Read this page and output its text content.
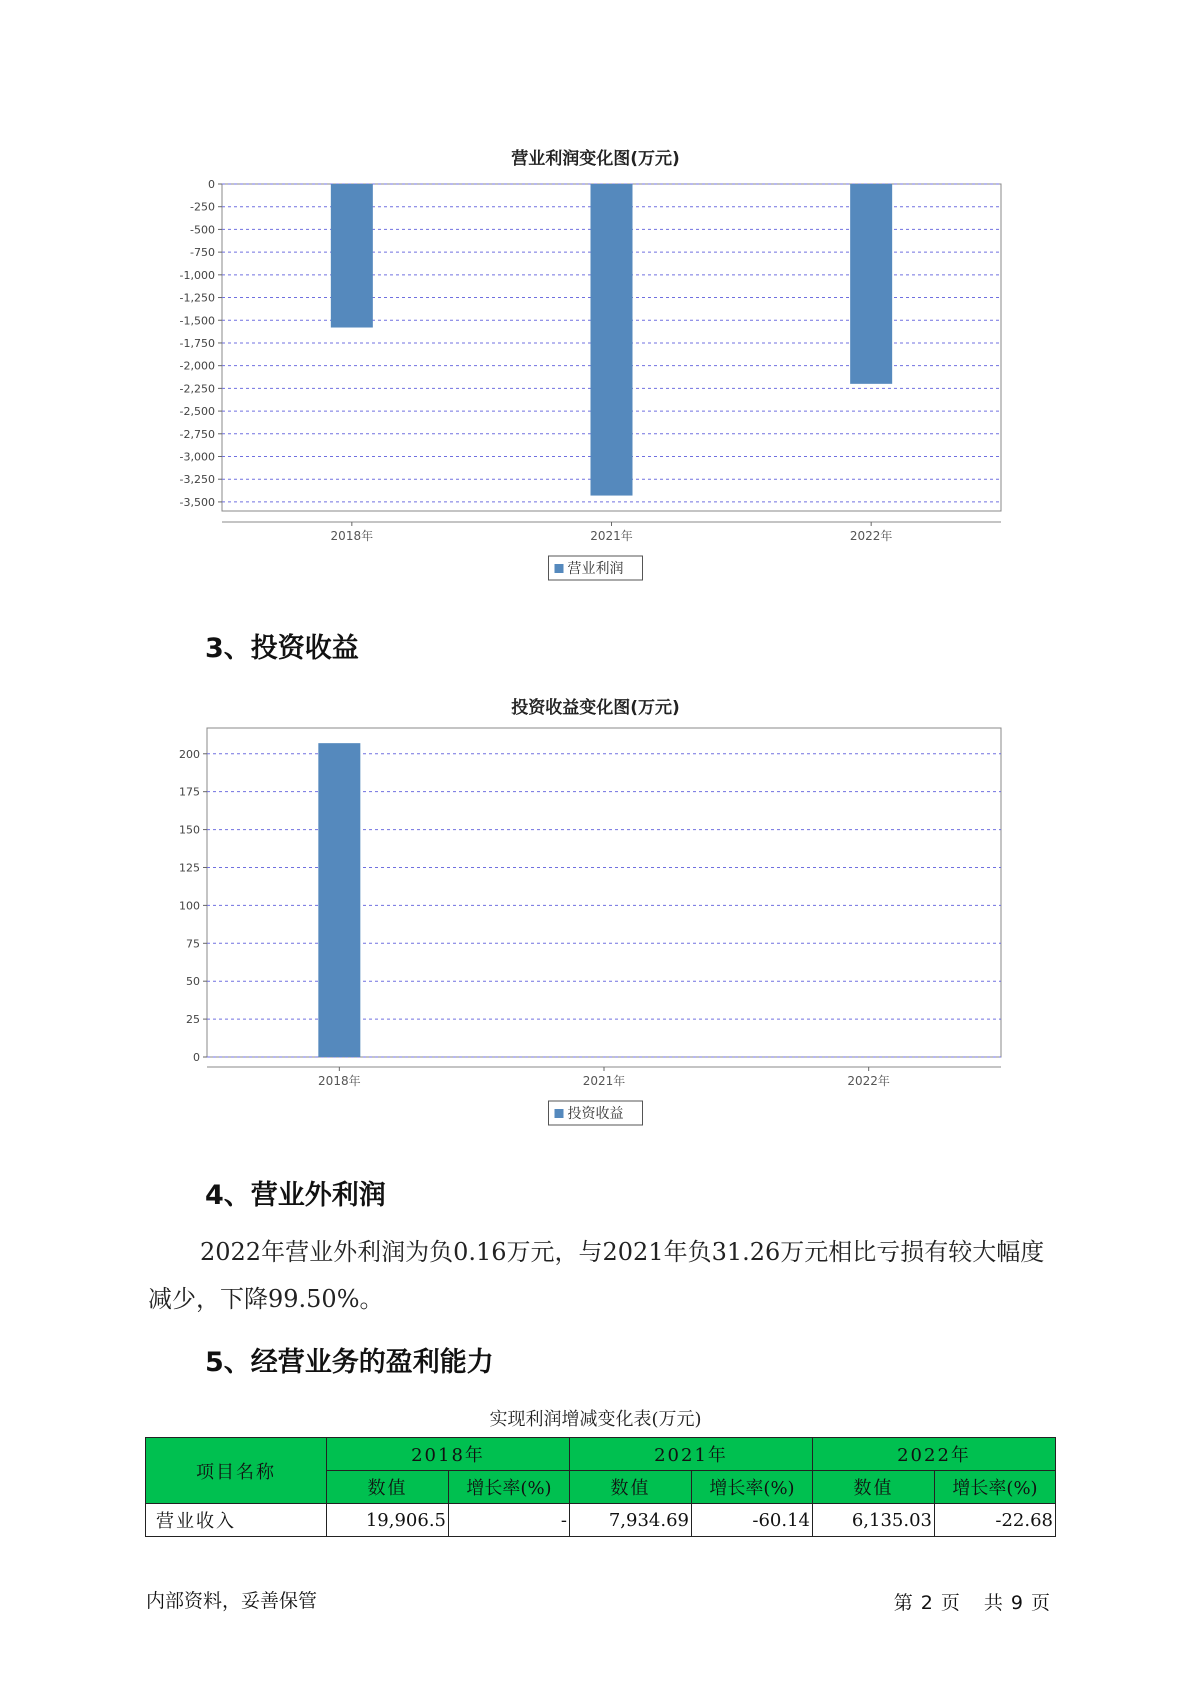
营业利润变化图(万元)
0
-250
-500
-750
-1,000
-1,250
-1,500
-1,750
-2,000
-2,250
-2,500
-2,750
-3,000
-3,250
-3,500
2018年	2021年	2022年
营业利润
3、投资收益
投资收益变化图(万元)
200
175
150
125
100
75
50
25
0
2018年	2021年	2022年
投资收益
4、营业外利润

2022年营业外利润为负0.16万元，与2021年负31.26万元相比亏损有较大幅度减少，下降99.50%。

5、经营业务的盈利能力
实现利润增减变化表(万元)
项目名称	2018年		2021年		2022年	
	数值	增长率(%)	数值	增长率(%)	数值	增长率(%)
营业收入	19,906.5	-	7,934.69	-60.14	6,135.03	-22.68
内部资料，妥善保管	第 2 页 共 9 页
